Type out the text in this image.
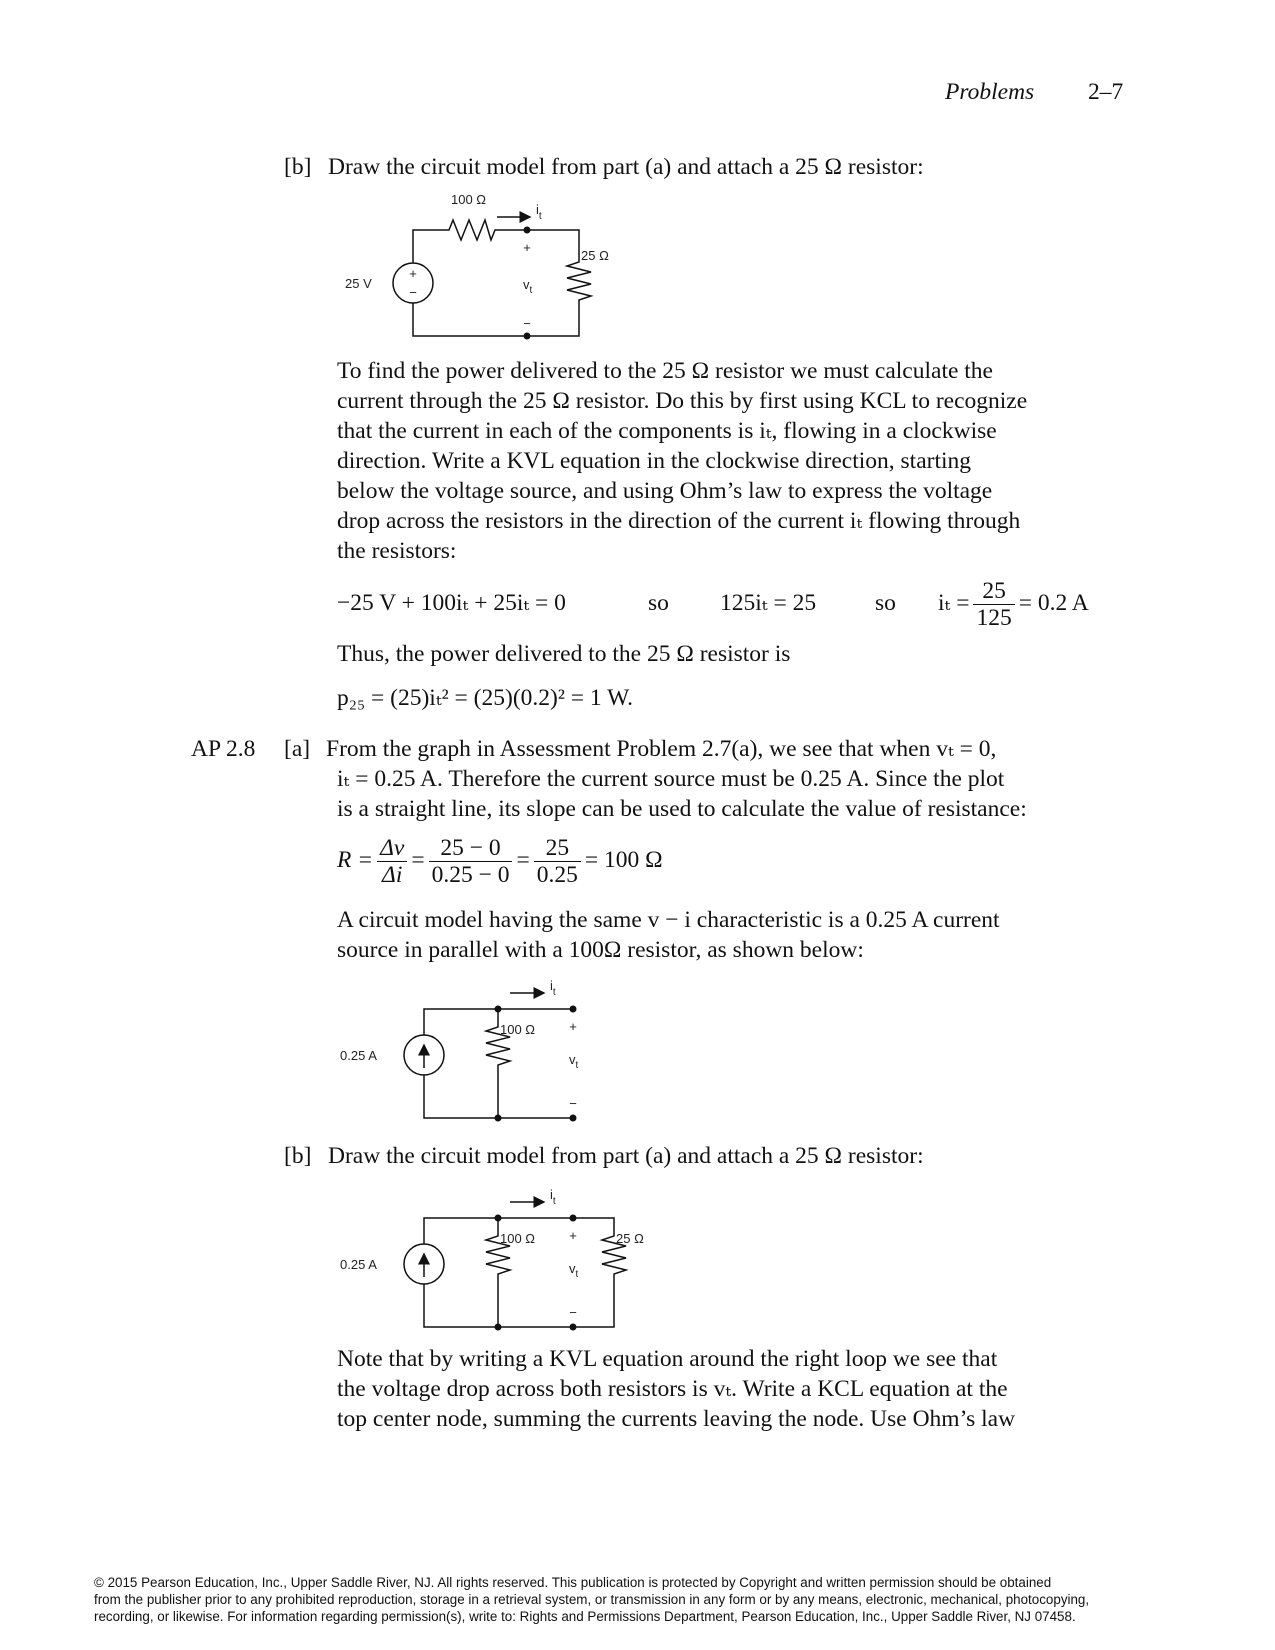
Problems 2–7
[b] Draw the circuit model from part (a) and attach a 25 Ω resistor:
To find the power delivered to the 25 Ω resistor we must calculate the
current through the 25 Ω resistor. Do this by first using KCL to recognize
that the current in each of the components is iₜ, flowing in a clockwise
direction. Write a KVL equation in the clockwise direction, starting
below the voltage source, and using Ohm’s law to express the voltage
drop across the resistors in the direction of the current iₜ flowing through
the resistors:
−25 V + 100iₜ + 25iₜ = 0	so 125iₜ = 25	so $i_t = \frac{25}{125} = 0.2$ A
Thus, the power delivered to the 25 Ω resistor is
p₂₅ = (25)iₜ² = (25)(0.2)² = 1 W.
AP 2.8 [a] From the graph in Assessment Problem 2.7(a), we see that when vₜ = 0,
iₜ = 0.25 A. Therefore the current source must be 0.25 A. Since the plot
is a straight line, its slope can be used to calculate the value of resistance:
$R = \frac{\Delta v}{\Delta i} = \frac{25 - 0}{0.25 - 0} = \frac{25}{0.25} = 100$ Ω
A circuit model having the same v − i characteristic is a 0.25 A current
source in parallel with a 100Ω resistor, as shown below:
[b] Draw the circuit model from part (a) and attach a 25 Ω resistor:
Note that by writing a KVL equation around the right loop we see that
the voltage drop across both resistors is vₜ. Write a KCL equation at the
top center node, summing the currents leaving the node. Use Ohm’s law
+
−
25 V
100 Ω
25 Ω
$i_t$
+
$v_t$
−
0.25 A
100 Ω
$i_t$
+
$v_t$
−
0.25 A
100 Ω	25 Ω
$i_t$
+
$v_t$
−
© 2015 Pearson Education, Inc., Upper Saddle River, NJ. All rights reserved. This publication is protected by Copyright and written permission should be obtained
from the publisher prior to any prohibited reproduction, storage in a retrieval system, or transmission in any form or by any means, electronic, mechanical, photocopying,
recording, or likewise. For information regarding permission(s), write to: Rights and Permissions Department, Pearson Education, Inc., Upper Saddle River, NJ 07458.
